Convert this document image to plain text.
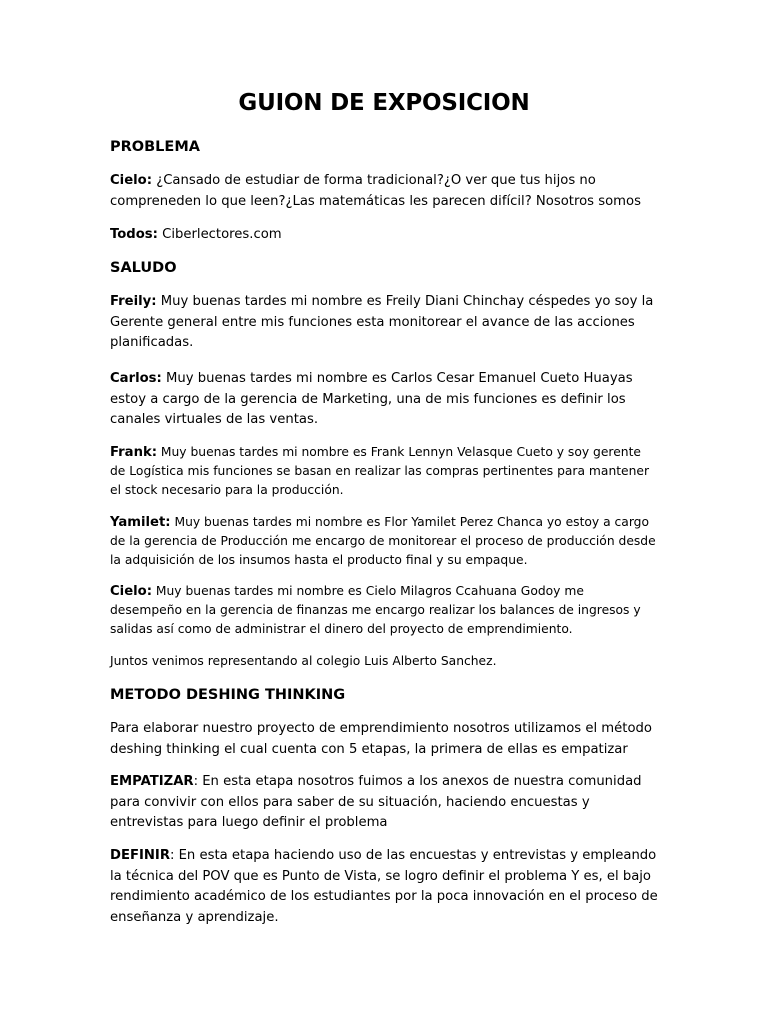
GUION DE EXPOSICION
PROBLEMA

Cielo: ¿Cansado de estudiar de forma tradicional?¿O ver que tus hijos no compreneden lo que leen?¿Las matemáticas les parecen difícil? Nosotros somos

Todos: Ciberlectores.com

SALUDO

Freily: Muy buenas tardes mi nombre es Freily Diani Chinchay céspedes yo soy la Gerente general entre mis funciones esta monitorear el avance de las acciones planificadas.

Carlos: Muy buenas tardes mi nombre es Carlos Cesar Emanuel Cueto Huayas estoy a cargo de la gerencia de Marketing, una de mis funciones es definir los canales virtuales de las ventas.

Frank: Muy buenas tardes mi nombre es Frank Lennyn Velasque Cueto y soy gerente de Logística mis funciones se basan en realizar las compras pertinentes para mantener el stock necesario para la producción.

Yamilet: Muy buenas tardes mi nombre es Flor Yamilet Perez Chanca yo estoy a cargo de la gerencia de Producción me encargo de monitorear el proceso de producción desde la adquisición de los insumos hasta el producto final y su empaque.

Cielo: Muy buenas tardes mi nombre es Cielo Milagros Ccahuana Godoy me desempeño en la gerencia de finanzas me encargo realizar los balances de ingresos y salidas así como de administrar el dinero del proyecto de emprendimiento.

Juntos venimos representando al colegio Luis Alberto Sanchez.

METODO DESHING THINKING

Para elaborar nuestro proyecto de emprendimiento nosotros utilizamos el método deshing thinking el cual cuenta con 5 etapas, la primera de ellas es empatizar

EMPATIZAR: En esta etapa nosotros fuimos a los anexos de nuestra comunidad para convivir con ellos para saber de su situación, haciendo encuestas y entrevistas para luego definir el problema

DEFINIR: En esta etapa haciendo uso de las encuestas y entrevistas y empleando la técnica del POV que es Punto de Vista, se logro definir el problema Y es, el bajo rendimiento académico de los estudiantes por la poca innovación en el proceso de enseñanza y aprendizaje.
